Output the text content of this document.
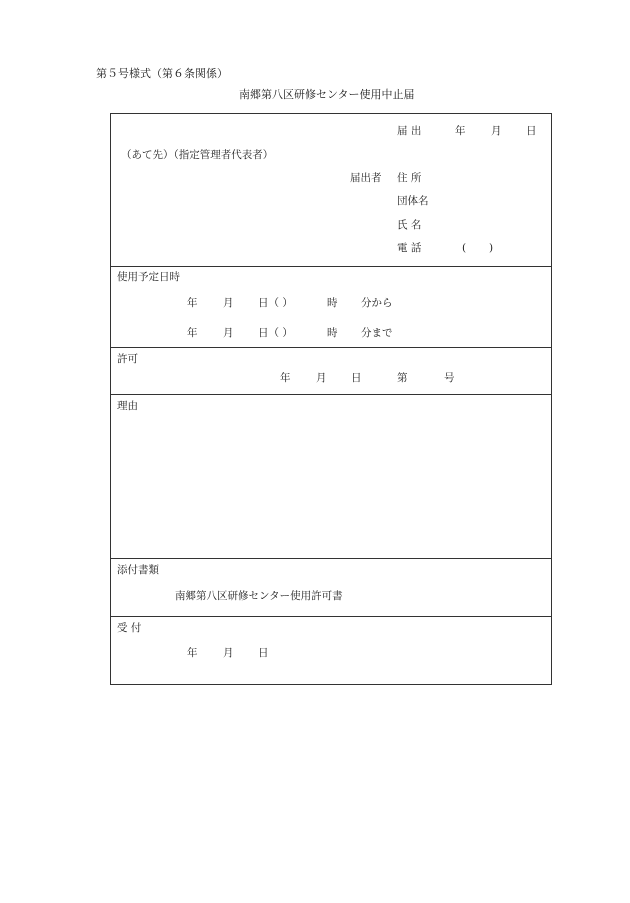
第５号様式（第６条関係）
南郷第八区研修センター使用中止届
届 出	年 月 日
（あて先）（指定管理者代表者）
届出者 住 所
団体名
氏 名
電 話	( )
使用予定日時
年 月 日（ ）	時 分から
年 月 日（ ）	時 分まで
許可
年 月 日	第	号
理由
添付書類
南郷第八区研修センター使用許可書
受 付
年 月 日
